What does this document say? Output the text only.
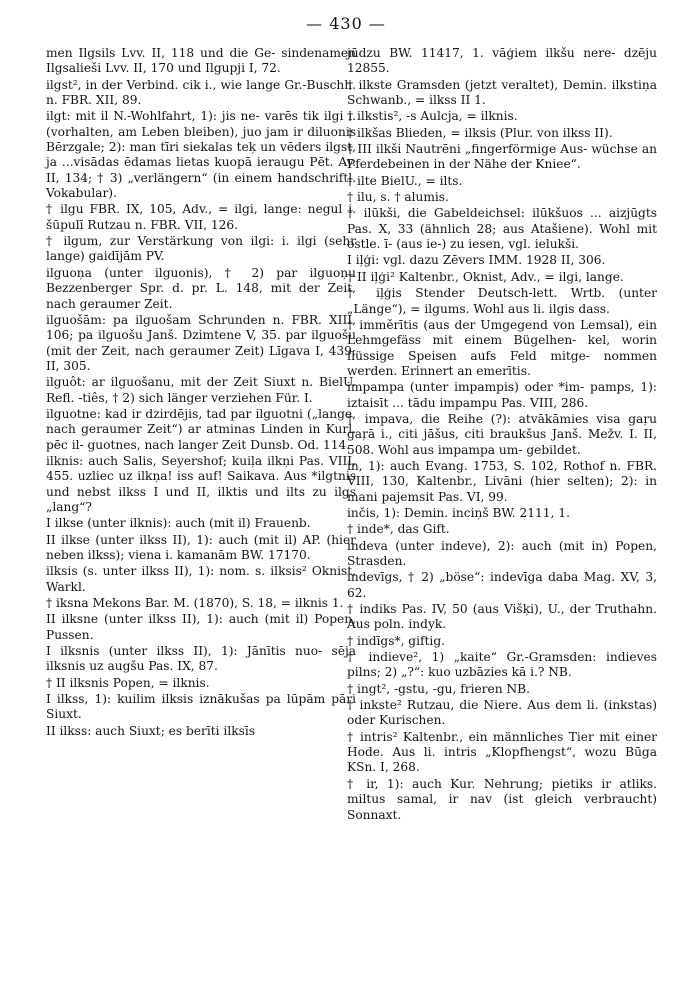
— 430 —

men Ilgsils Lvv. II, 118 und die Ge- sindenamen Ilgsalieši Lvv. II, 170 und Ilgupji I, 72.

ilgst², in der Verbind. cik i., wie lange Gr.-Buschh. n. FBR. XII, 89.

ilgt: mit il N.-Wohlfahrt, 1): jis ne- varēs tik ilgi i. (vorhalten, am Leben bleiben), juo jam ir diluonis Bērzgale; 2): man tīri siekalas teķ un vēders ilgst, ja ...visādas ēdamas lietas kuopā ieraugu Pēt. Av. II, 134; † 3) „verlängern“ (in einem handschriftl. Vokabular).

† ilgu FBR. IX, 105, Adv., = ilgi, lange: negul i. šūpulī Rutzau n. FBR. VII, 126.

† ilgum, zur Verstärkung von ilgi: i. ilgi (sehr lange) gaidījām PV.

ilguoņa (unter ilguonis), † 2) par ilguoņu Bezzenberger Spr. d. pr. L. 148, mit der Zeit, nach geraumer Zeit.

ilguošām: pa ilguošam Schrunden n. FBR. XIII, 106; pa ilguošu Janš. Dzimtene V, 35. par ilguošu (mit der Zeit, nach geraumer Zeit) Līgava I, 439; II, 305.

ilguôt: ar ilguošanu, mit der Zeit Siuxt n. BielU. Refl. -tiês, † 2) sich länger verziehen Für. I.

ilguotne: kad ir dzirdējis, tad par ilguotni („lange, nach geraumer Zeit“) ar atminas Linden in Kurl. pēc il- guotnes, nach langer Zeit Dunsb. Od. 114.

ilknis: auch Salis, Seyershof; kuiļa ilkņi Pas. VIII, 455. uzliec uz ilkņa! iss auf! Saikava. Aus *ilgtnis und nebst ilkss I und II, ilktis und ilts zu ilgs „lang“?

I ilkse (unter ilknis): auch (mit il) Frauenb.

II ilkse (unter ilkss II), 1): auch (mit il) AP. (hier neben ilkss); viena i. kamanām BW. 17170.

ilksis (s. unter ilkss II), 1): nom. s. ilksis² Oknist, Warkl.

† iksna Mekons Bar. M. (1870), S. 18, = ilknis 1.

II ilksne (unter ilkss II), 1): auch (mit il) Popen, Pussen.

I ilksnis (unter ilkss II), 1): Jānītis nuo- sēja ilksnis uz augšu Pas. IX, 87.

† II ilksnis Popen, = ilknis.

I ilkss, 1): kuilim ilksis iznākušas pa lūpām pāri Siuxt.

II ilkss: auch Siuxt; es berīti ilksīs

jūdzu BW. 11417, 1. vāģiem ilkšu nere- dzēju 12855.

† ilkste Gramsden (jetzt veraltet), Demin. ilkstiņa Schwanb., = ilkss II 1.

† ilkstis², -s Aulcja, = ilknis.

† ilkšas Blieden, = ilksis (Plur. von ilkss II).

† III ilkši Nautrēni „fingerförmige Aus- wüchse an Pferdebeinen in der Nähe der Kniee“.

† ilte BielU., = ilts.

† ilu, s. † alumis.

† ilūkši, die Gabeldeichsel: ilūkšuos ... aizjūgts Pas. X, 33 (ähnlich 28; aus Atašiene). Wohl mit ostle. ī- (aus ie-) zu iesen, vgl. ielukši.

I iļģi: vgl. dazu Zēvers IMM. 1928 II, 306.

† II iļģi² Kaltenbr., Oknist, Adv., = ilgi, lange.

† iļģis Stender Deutsch-lett. Wrtb. (unter „Länge“), = ilgums. Wohl aus li. ilgis dass.

† imměrītis (aus der Umgegend von Lemsal), ein Lehmgefäss mit einem Bügelhen- kel, worin flüssige Speisen aufs Feld mitge- nommen werden. Erinnert an emerītis.

impampa (unter impampis) oder *im- pamps, 1): iztaisīt ... tādu impampu Pas. VIII, 286.

† impava, die Reihe (?): atvākāmies visa gaŗu gaŗā i., citi jāšus, citi braukšus Janš. Mežv. I. II, 508. Wohl aus impampa um- gebildet.

in, 1): auch Evang. 1753, S. 102, Rothof n. FBR. VIII, 130, Kaltenbr., Livāni (hier selten); 2): in mani pajemsit Pas. VI, 99.

inčis, 1): Demin. inciņš BW. 2111, 1.

† inde*, das Gift.

indeva (unter indeve), 2): auch (mit in) Popen, Strasden.

indevīgs, † 2) „böse“: indevīga daba Mag. XV, 3, 62.

† indiks Pas. IV, 50 (aus Višķi), U., der Truthahn. Aus poln. indyk.

† indīgs*, giftig.

† indieve², 1) „kaite“ Gr.-Gramsden: indieves pilns; 2) „?“: kuo uzbāzies kā i.? NB.

† ingt², -gstu, -gu, frieren NB.

† inkste² Rutzau, die Niere. Aus dem li. (inkstas) oder Kurischen.

† intris² Kaltenbr., ein männliches Tier mit einer Hode. Aus li. intris „Klopfhengst“, wozu Būga KSn. I, 268.

† ir, 1): auch Kur. Nehrung; pietiks ir atliks. miltus samal, ir nav (ist gleich verbraucht) Sonnaxt.
